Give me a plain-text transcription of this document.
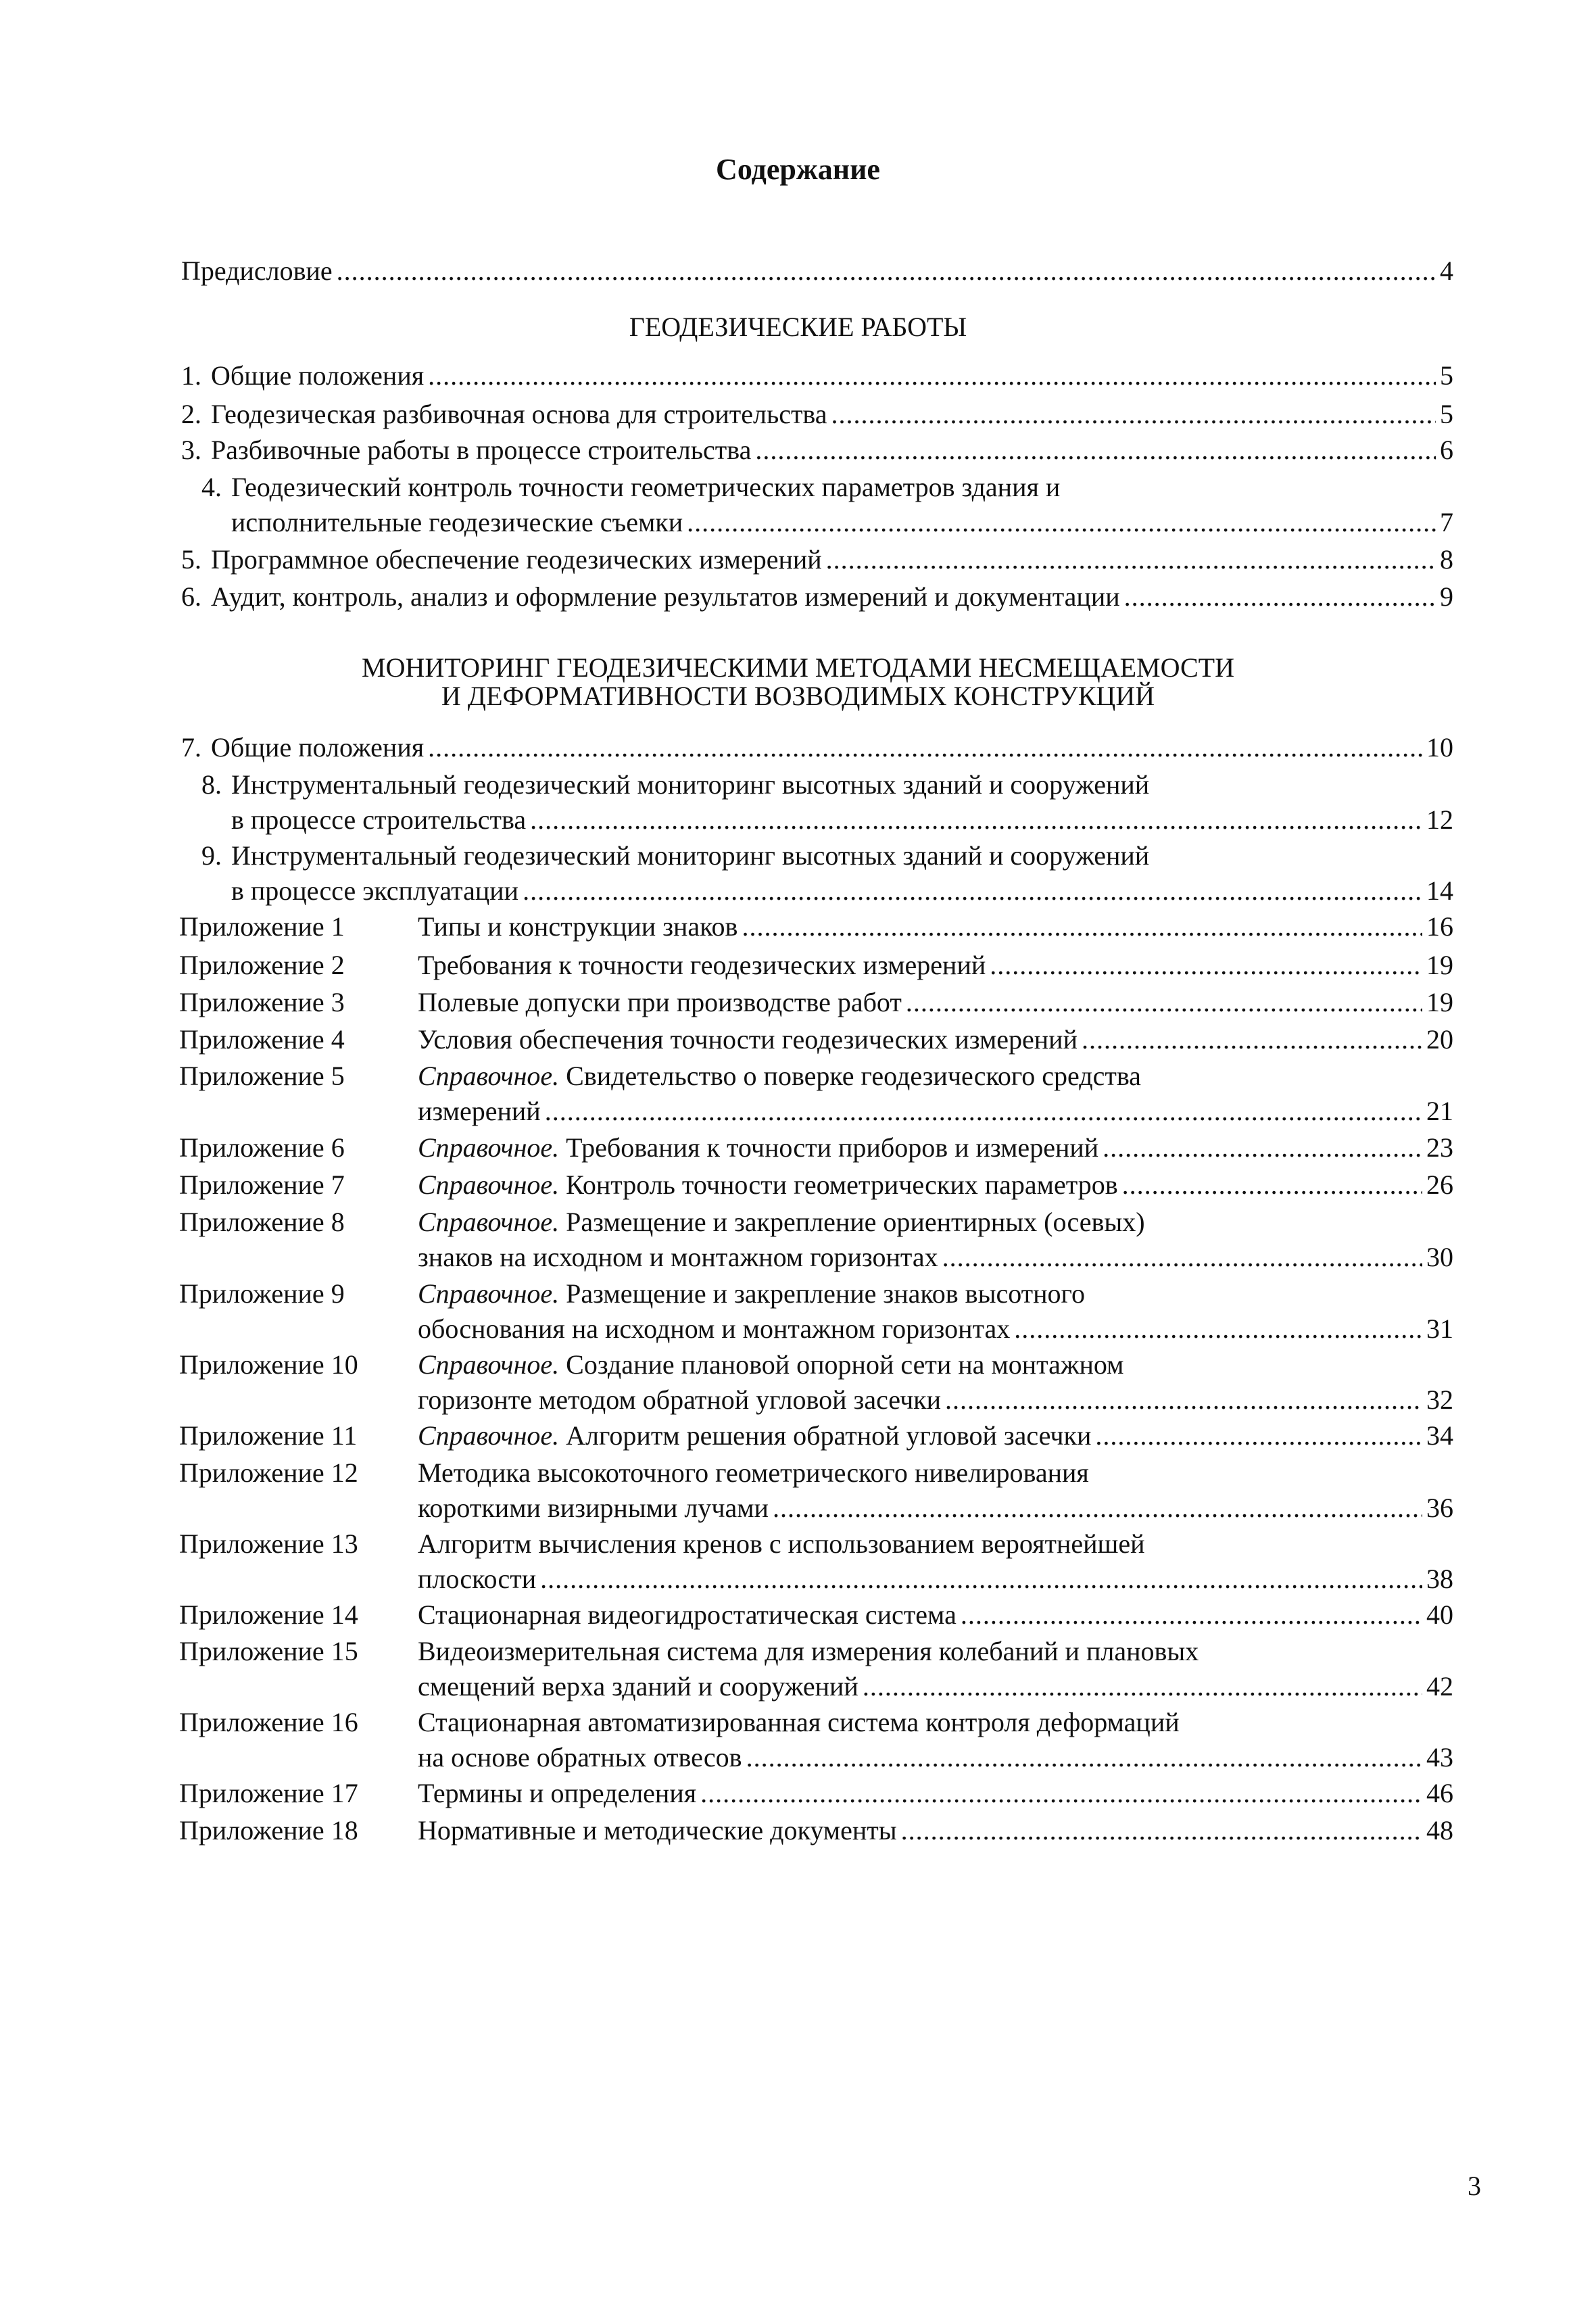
Содержание
Предисловие .....	4
ГЕОДЕЗИЧЕСКИЕ РАБОТЫ
1. Общие положения .....	5
2. Геодезическая разбивочная основа для строительства .....	5
3. Разбивочные работы в процессе строительства .....	6
4. Геодезический контроль точности геометрических параметров здания и
исполнительные геодезические съемки .....	7
5. Программное обеспечение геодезических измерений .....	8
6. Аудит, контроль, анализ и оформление результатов измерений и документации .....	9
МОНИТОРИНГ ГЕОДЕЗИЧЕСКИМИ МЕТОДАМИ НЕСМЕЩАЕМОСТИ
И ДЕФОРМАТИВНОСТИ ВОЗВОДИМЫХ КОНСТРУКЦИЙ
7. Общие положения .....	10
8. Инструментальный геодезический мониторинг высотных зданий и сооружений
в процессе строительства .....	12
9. Инструментальный геодезический мониторинг высотных зданий и сооружений
в процессе эксплуатации .....	14
Приложение 1	Типы и конструкции знаков .....	16
Приложение 2	Требования к точности геодезических измерений .....	19
Приложение 3	Полевые допуски при производстве работ .....	19
Приложение 4	Условия обеспечения точности геодезических измерений .....	20
Приложение 5	Справочное. Свидетельство о поверке геодезического средства
измерений .....	21
Приложение 6	Справочное. Требования к точности приборов и измерений .....	23
Приложение 7	Справочное. Контроль точности геометрических параметров .....	26
Приложение 8	Справочное. Размещение и закрепление ориентирных (осевых)
знаков на исходном и монтажном горизонтах .....	30
Приложение 9	Справочное. Размещение и закрепление знаков высотного
обоснования на исходном и монтажном горизонтах .....	31
Приложение 10 Справочное. Создание плановой опорной сети на монтажном
горизонте методом обратной угловой засечки .....	32
Приложение 11 Справочное. Алгоритм решения обратной угловой засечки .....	34
Приложение 12 Методика высокоточного геометрического нивелирования
короткими визирными лучами .....	36
Приложение 13 Алгоритм вычисления кренов с использованием вероятнейшей
плоскости .....	38
Приложение 14 Стационарная видеогидростатическая система .....	40
Приложение 15 Видеоизмерительная система для измерения колебаний и плановых
смещений верха зданий и сооружений .....	42
Приложение 16 Стационарная автоматизированная система контроля деформаций
на основе обратных отвесов .....	43
Приложение 17 Термины и определения .....	46
Приложение 18 Нормативные и методические документы .....	48
3
